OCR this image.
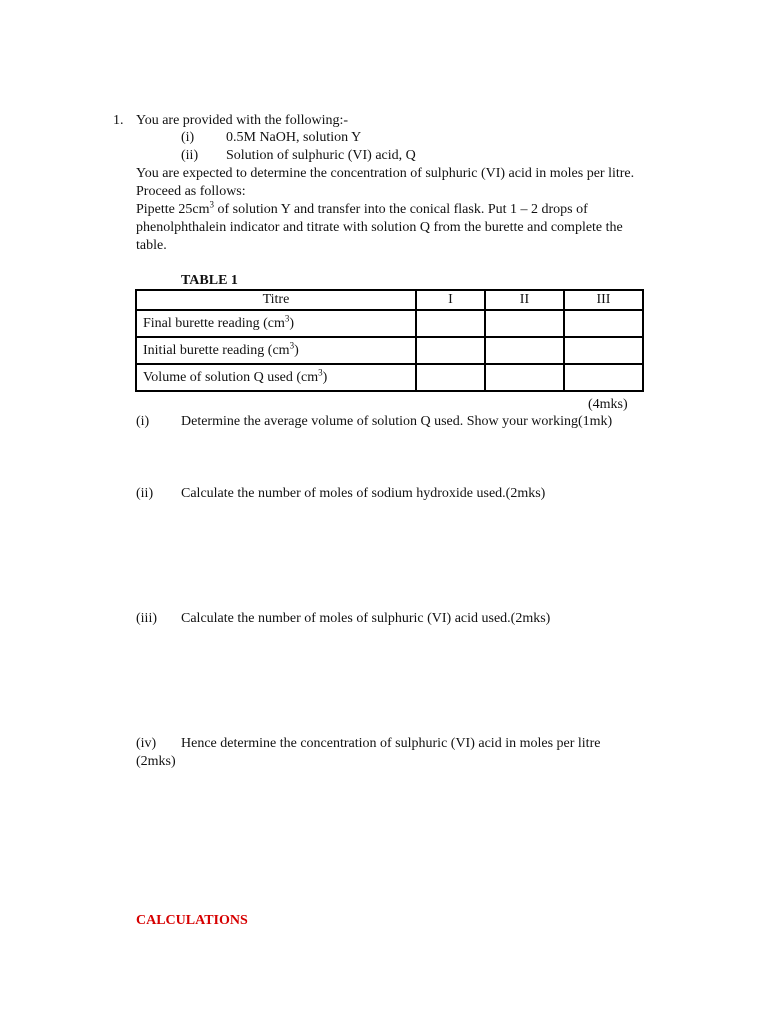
1. You are provided with the following:-
(i) 0.5M NaOH, solution Y
(ii) Solution of sulphuric (VI) acid, Q
You are expected to determine the concentration of sulphuric (VI) acid in moles per litre.
Proceed as follows:
Pipette $25cm^3$ of solution Y and transfer into the conical flask. Put 1 – 2 drops of
phenolphthalein indicator and titrate with solution Q from the burette and complete the
table.
TABLE 1
Titre	I	II	III
Final burette reading $(cm^3)$			
Initial burette reading $(cm^3)$			
Volume of solution Q used $(cm^3)$			
(4mks)
(i) Determine the average volume of solution Q used. Show your working(1mk)
(ii) Calculate the number of moles of sodium hydroxide used.(2mks)
(iii) Calculate the number of moles of sulphuric (VI) acid used.(2mks)
(iv) Hence determine the concentration of sulphuric (VI) acid in moles per litre
(2mks)
CALCULATIONS
